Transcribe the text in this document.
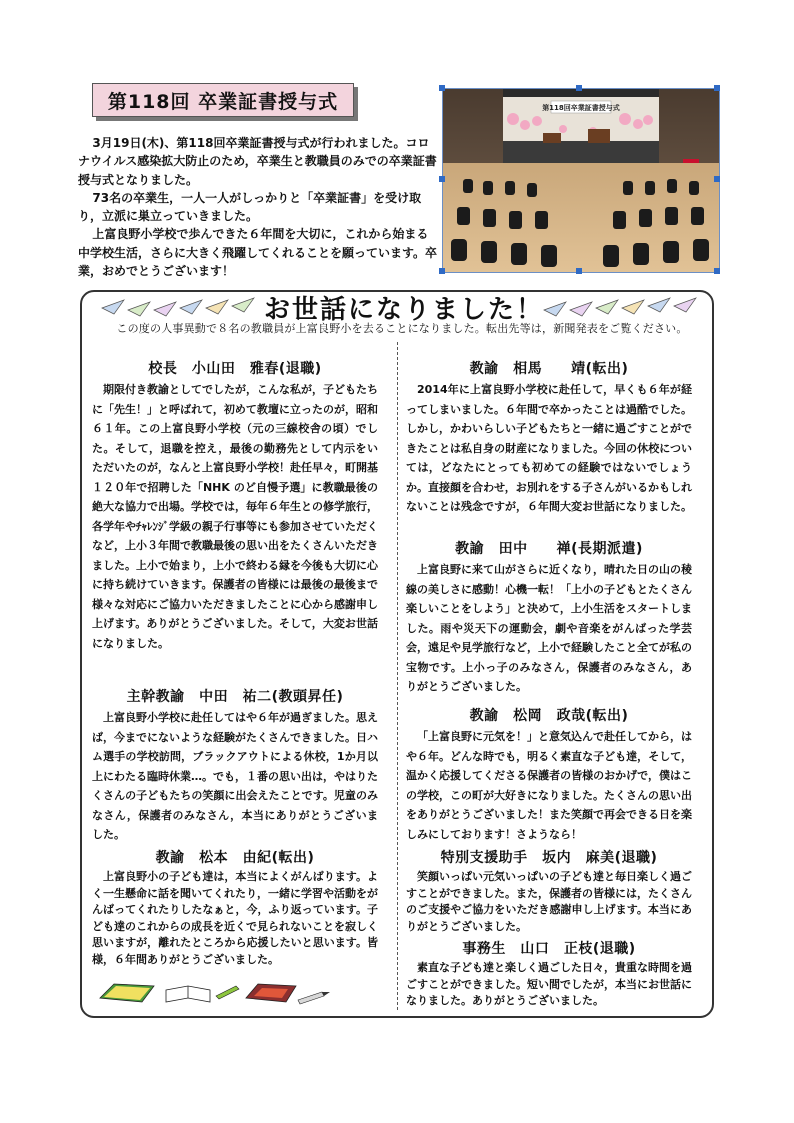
第118回 卒業証書授与式

3月19日(木)、第118回卒業証書授与式が行われました。コロナウイルス感染拡大防止のため，卒業生と教職員のみでの卒業証書授与式となりました。

73名の卒業生，一人一人がしっかりと「卒業証書」を受け取り，立派に巣立っていきました。

上富良野小学校で歩んできた６年間を大切に，これから始まる中学校生活，さらに大きく飛躍してくれることを願っています。卒業，おめでとうございます！

第118回卒業証書授与式
お世話になりました！
この度の人事異動で８名の教職員が上富良野小を去ることになりました。転出先等は，新聞発表をご覧ください。
校長　小山田　雅春(退職)
期限付き教諭としてでしたが，こんな私が，子どもたちに「先生！」と呼ばれて，初めて教壇に立ったのが，昭和６１年。この上富良野小学校（元の三線校舎の頃）でした。そして，退職を控え，最後の勤務先として内示をいただいたのが，なんと上富良野小学校！赴任早々，町開基１２０年で招聘した「NHK のど自慢予選」に教職最後の絶大な協力で出場。学校では，毎年６年生との修学旅行，各学年やﾁｬﾚﾝｼﾞ学級の親子行事等にも参加させていただくなど，上小３年間で教職最後の思い出をたくさんいただきました。上小で始まり，上小で終わる縁を今後も大切に心に持ち続けていきます。保護者の皆様には最後の最後まで様々な対応にご協力いただきましたことに心から感謝申し上げます。ありがとうございました。そして，大変お世話になりました。
主幹教諭　中田　祐二(教頭昇任)
上富良野小学校に赴任してはや６年が過ぎました。思えば，今までにないような経験がたくさんできました。日ハム選手の学校訪問，ブラックアウトによる休校，1か月以上にわたる臨時休業…。でも，１番の思い出は，やはりたくさんの子どもたちの笑顔に出会えたことです。児童のみなさん，保護者のみなさん，本当にありがとうございました。
教諭　松本　由紀(転出)
上富良野小の子ども達は，本当によくがんばります。よく一生懸命に話を聞いてくれたり，一緒に学習や活動をがんばってくれたりしたなぁと，今，ふり返っています。子ども達のこれからの成長を近くで見られないことを寂しく思いますが，離れたところから応援したいと思います。皆様，６年間ありがとうございました。
教諭　相馬　　靖(転出)
2014年に上富良野小学校に赴任して，早くも６年が経ってしまいました。６年間で卒かったことは過酷でした。しかし，かわいらしい子どもたちと一緒に過ごすことができたことは私自身の財産になりました。今回の休校については，どなたにとっても初めての経験ではないでしょうか。直接顔を合わせ，お別れをする子さんがいるかもしれないことは残念ですが，６年間大変お世話になりました。
教諭　田中　　禅(長期派遣)
上富良野に来て山がさらに近くなり，晴れた日の山の稜線の美しさに感動！心機一転！「上小の子どもとたくさん楽しいことをしよう」と決めて，上小生活をスタートしました。雨や災天下の運動会，劇や音楽をがんばった学芸会，遠足や見学旅行など，上小で経験したこと全てが私の宝物です。上小っ子のみなさん，保護者のみなさん，ありがとうございました。
教諭　松岡　政哉(転出)
「上富良野に元気を！」と意気込んで赴任してから，はや６年。どんな時でも，明るく素直な子ども達，そして，温かく応援してくださる保護者の皆様のおかげで，僕はこの学校，この町が大好きになりました。たくさんの思い出をありがとうございました！また笑顔で再会できる日を楽しみにしております！さようなら！
特別支援助手　坂内　麻美(退職)
笑顔いっぱい元気いっぱいの子ども達と毎日楽しく過ごすことができました。また，保護者の皆様には，たくさんのご支援やご協力をいただき感謝申し上げます。本当にありがとうございました。
事務生　山口　正枝(退職)
素直な子ども達と楽しく過ごした日々，貴重な時間を過ごすことができました。短い間でしたが，本当にお世話になりました。ありがとうございました。
